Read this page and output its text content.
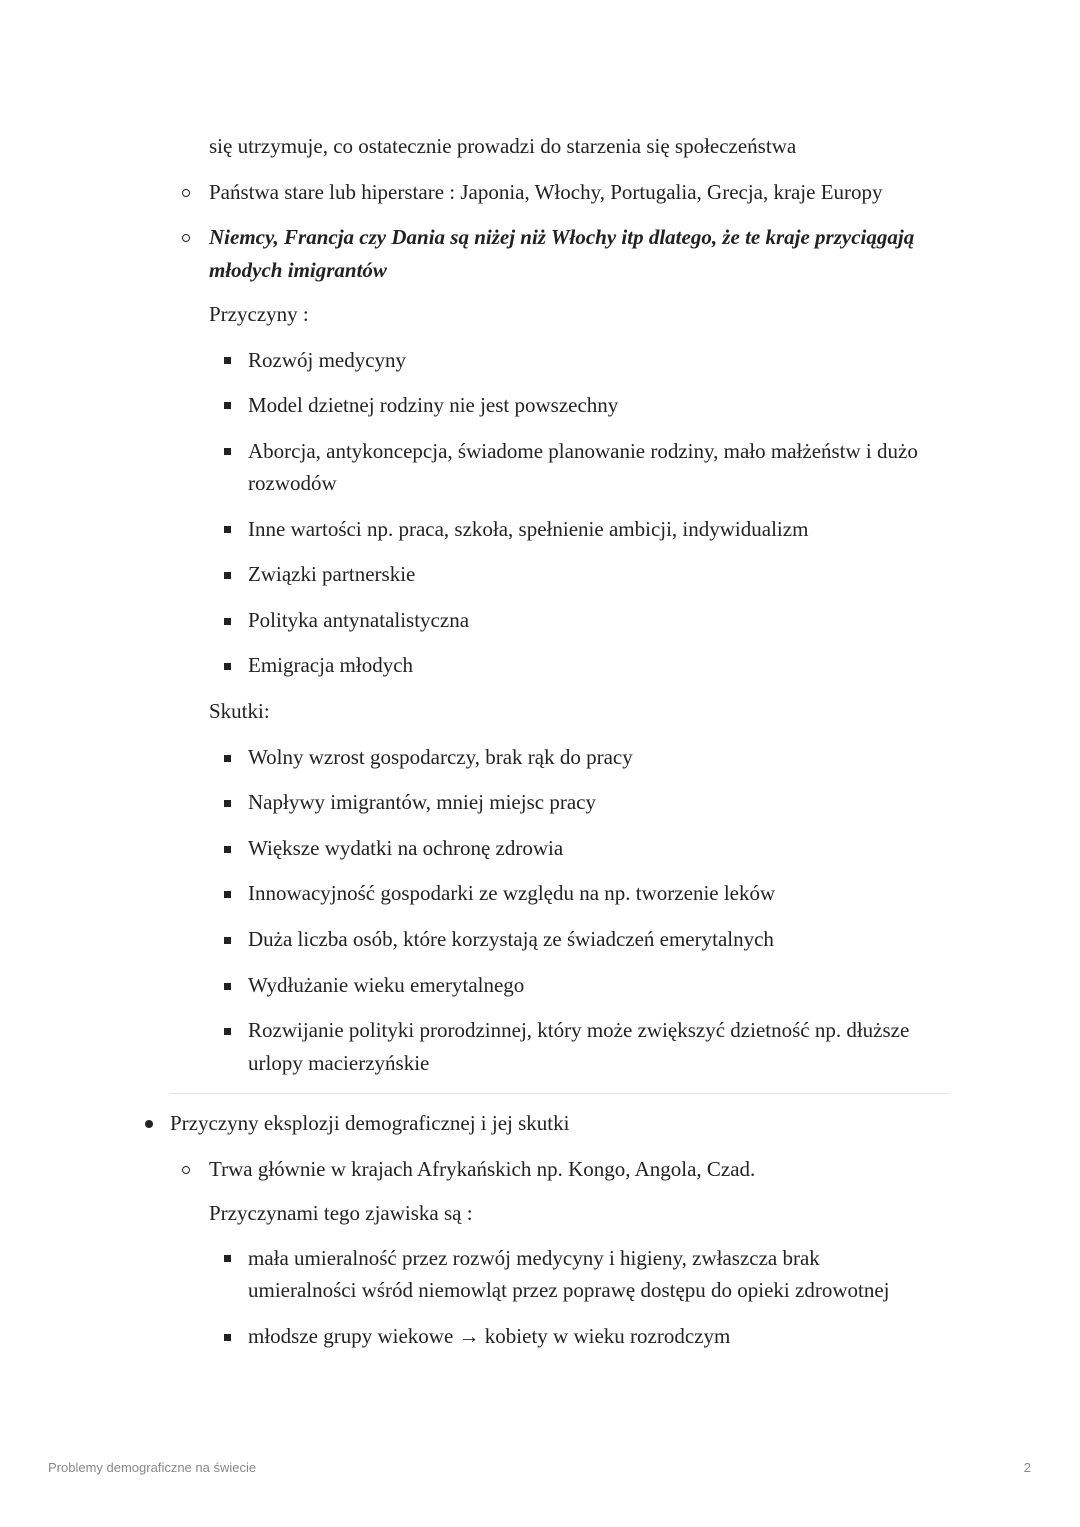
się utrzymuje, co ostatecznie prowadzi do starzenia się społeczeństwa

Państwa stare lub hiperstare : Japonia, Włochy, Portugalia, Grecja, kraje Europy

Niemcy, Francja czy Dania są niżej niż Włochy itp dlatego, że te kraje przyciągają

młodych imigrantów

Przyczyny :

Rozwój medycyny

Model dzietnej rodziny nie jest powszechny

Aborcja, antykoncepcja, świadome planowanie rodziny, mało małżeństw i dużo

rozwodów

Inne wartości np. praca, szkoła, spełnienie ambicji, indywidualizm

Związki partnerskie

Polityka antynatalistyczna

Emigracja młodych

Skutki:

Wolny wzrost gospodarczy, brak rąk do pracy

Napływy imigrantów, mniej miejsc pracy

Większe wydatki na ochronę zdrowia

Innowacyjność gospodarki ze względu na np. tworzenie leków

Duża liczba osób, które korzystają ze świadczeń emerytalnych

Wydłużanie wieku emerytalnego

Rozwijanie polityki prorodzinnej, który może zwiększyć dzietność np. dłuższe

urlopy macierzyńskie

Przyczyny eksplozji demograficznej i jej skutki

Trwa głównie w krajach Afrykańskich np. Kongo, Angola, Czad.

Przyczynami tego zjawiska są :

mała umieralność przez rozwój medycyny i higieny, zwłaszcza brak

umieralności wśród niemowląt przez poprawę dostępu do opieki zdrowotnej

młodsze grupy wiekowe → kobiety w wieku rozrodczym

Problemy demograficzne na świecie	2
